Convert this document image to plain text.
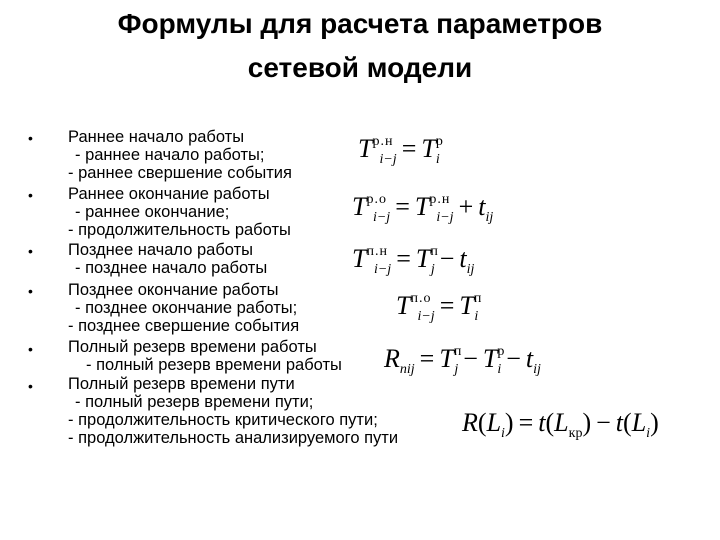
Формулы для расчета параметров
сетевой модели
• Раннее начало работы
- раннее начало работы;
- раннее свершение события
$T^{р.н}_{i-j} = T^р_i$
• Раннее окончание работы
- раннее окончание;
- продолжительность работы
$T^{р.о}_{i-j} = T^{р.н}_{i-j} + t_{ij}$
• Позднее начало работы
- позднее начало работы	$T^{п.н}_{i-j} = T^п_j - t_{ij}$
• Позднее окончание работы
- позднее окончание работы;
- позднее свершение события
$T^{п.о}_{i-j} = T^п_i$
• Полный резерв времени работы
- полный резерв времени работы $R_{nij} = T^п_j - T^р_i - t_{ij}$
• Полный резерв времени пути
- полный резерв времени пути;
- продолжительность критического пути;
- продолжительность анализируемого пути
$R(L_i) = t(L_{кр}) - t(L_i)$
